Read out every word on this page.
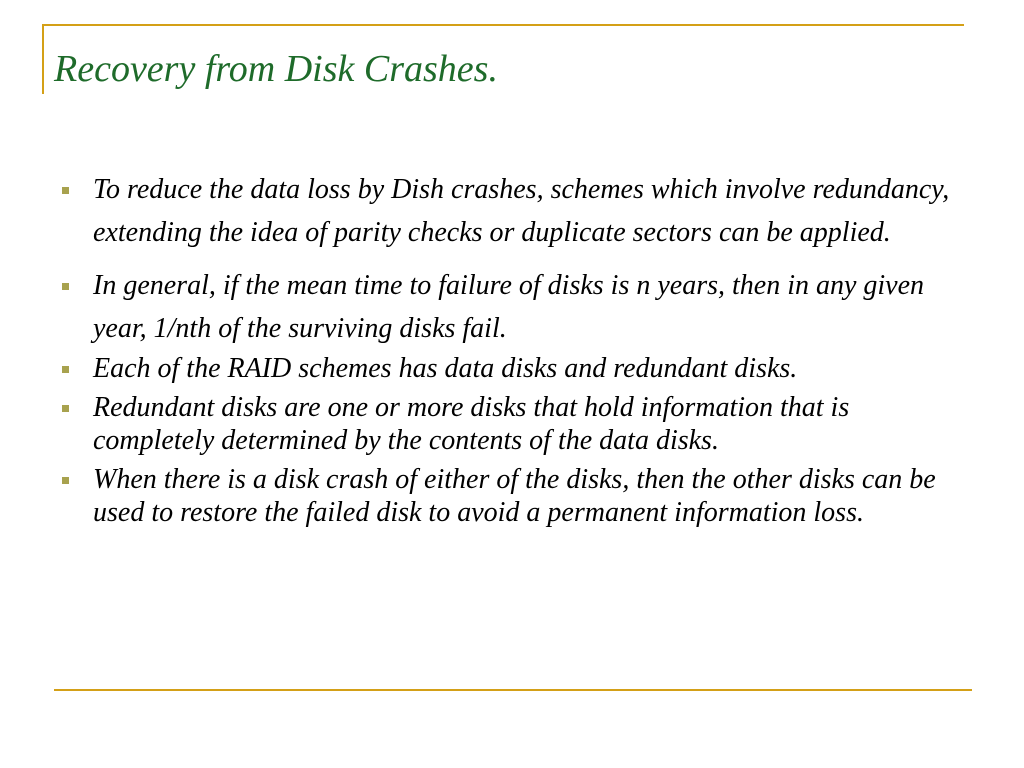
Recovery from Disk Crashes.
To reduce the data loss by Dish crashes, schemes which involve redundancy, extending the idea of parity checks or duplicate sectors can be applied.
In general, if the mean time to failure of disks is n years, then in any given year, 1/nth of the surviving disks fail.
Each of the RAID schemes has data disks and redundant disks.
Redundant disks are one or more disks that hold information that is completely determined by the contents of the data disks.
When there is a disk crash of either of the disks, then the other disks can be used to restore the failed disk to avoid a permanent information loss.
